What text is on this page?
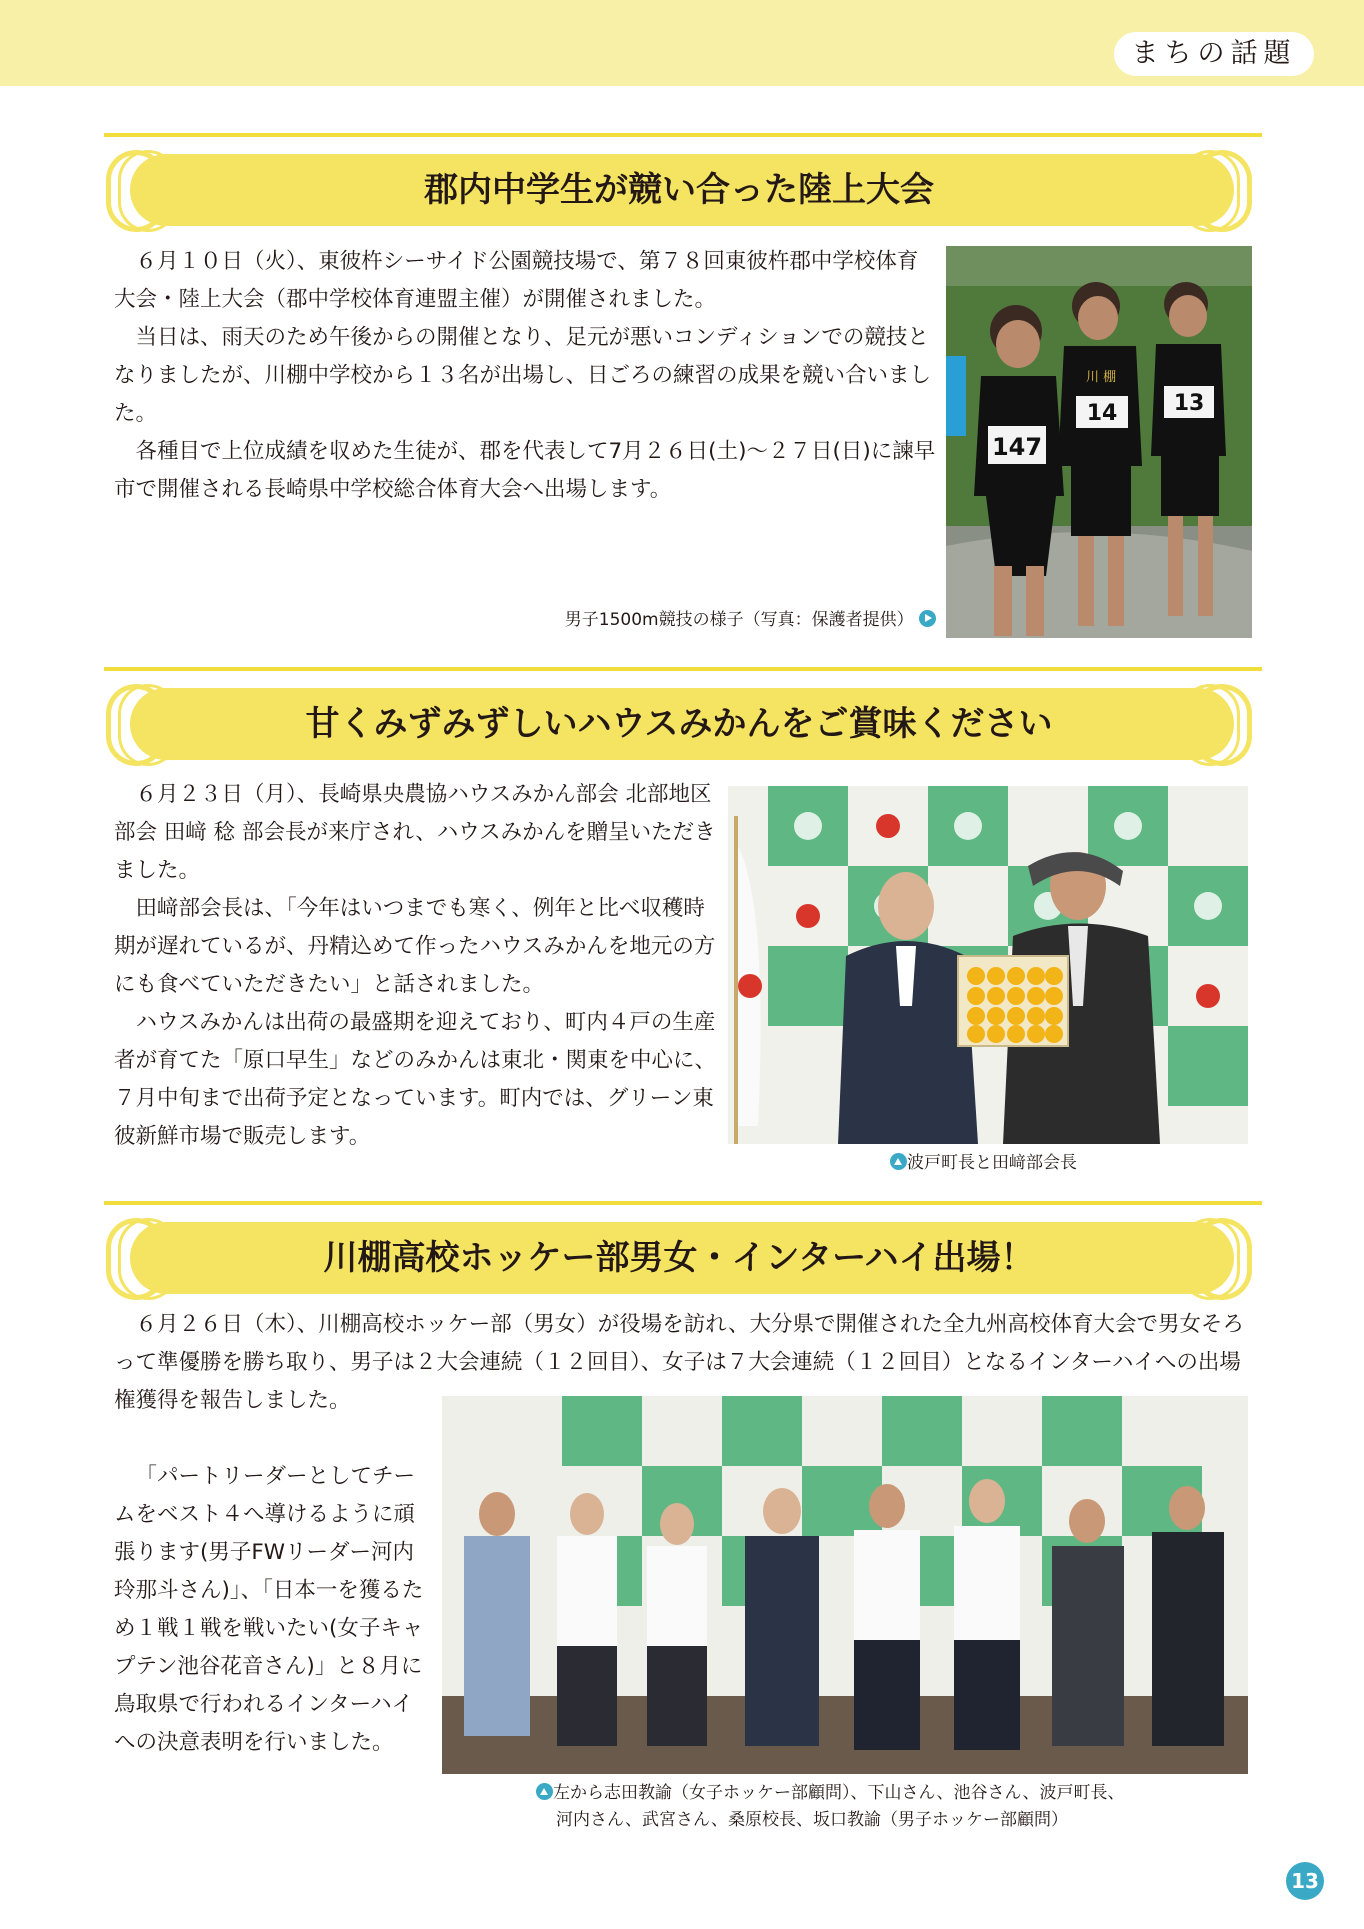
まちの話題
郡内中学生が競い合った陸上大会

６月１０日（火）、東彼杵シーサイド公園競技場で、第７８回東彼杵郡中学校体育大会・陸上大会（郡中学校体育連盟主催）が開催されました。

当日は、雨天のため午後からの開催となり、足元が悪いコンディションでの競技となりましたが、川棚中学校から１３名が出場し、日ごろの練習の成果を競い合いました。

各種目で上位成績を収めた生徒が、郡を代表して7月２６日(土)〜２７日(日)に諫早市で開催される長崎県中学校総合体育大会へ出場します。

147
川 棚
14	13
男子1500m競技の様子（写真：保護者提供）
甘くみずみずしいハウスみかんをご賞味ください

６月２３日（月）、長崎県央農協ハウスみかん部会 北部地区部会 田﨑 稔 部会長が来庁され、ハウスみかんを贈呈いただきました。

田﨑部会長は、「今年はいつまでも寒く、例年と比べ収穫時期が遅れているが、丹精込めて作ったハウスみかんを地元の方にも食べていただきたい」と話されました。

ハウスみかんは出荷の最盛期を迎えており、町内４戸の生産者が育てた「原口早生」などのみかんは東北・関東を中心に、７月中旬まで出荷予定となっています。町内では、グリーン東彼新鮮市場で販売します。

波戸町長と田﨑部会長
川棚高校ホッケー部男女・インターハイ出場！

６月２６日（木）、川棚高校ホッケー部（男女）が役場を訪れ、大分県で開催された全九州高校体育大会で男女そろって準優勝を勝ち取り、男子は２大会連続（１２回目）、女子は７大会連続（１２回目）となるインターハイへの出場権獲得を報告しました。

「パートリーダーとしてチームをベスト４へ導けるように頑張ります(男子FWリーダー河内玲那斗さん)」、「日本一を獲るため１戦１戦を戦いたい(女子キャプテン池谷花音さん)」と８月に鳥取県で行われるインターハイへの決意表明を行いました。

左から志田教諭（女子ホッケー部顧問）、下山さん、池谷さん、波戸町長、
河内さん、武宮さん、桑原校長、坂口教諭（男子ホッケー部顧問）
13
